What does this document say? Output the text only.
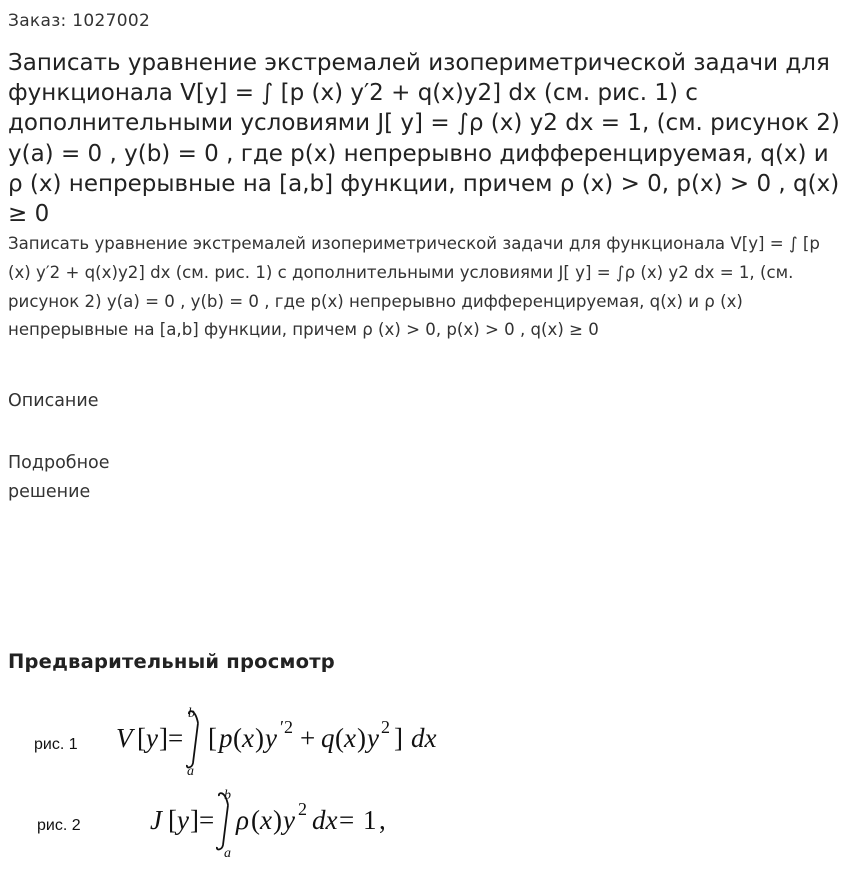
Заказ: 1027002
Записать уравнение экстремалей изопериметрической задачи для функционала V[y] = ∫ [p (x) y′2 + q(x)y2] dx (см. рис. 1) с дополнительными условиями J[ y] = ∫ρ (x) y2 dx = 1, (см. рисунок 2) y(a) = 0 , y(b) = 0 , где p(x) непрерывно дифференцируемая, q(x) и ρ (x) непрерывные на [a,b] функции, причем ρ (x) > 0, p(x) > 0 , q(x) ≥ 0

Записать уравнение экстремалей изопериметрической задачи для функционала V[y] = ∫ [p (x) y′2 + q(x)y2] dx (см. рис. 1) с дополнительными условиями J[ y] = ∫ρ (x) y2 dx = 1, (см. рисунок 2) y(a) = 0 , y(b) = 0 , где p(x) непрерывно дифференцируемая, q(x) и ρ (x) непрерывные на [a,b] функции, причем ρ (x) > 0, p(x) > 0 , q(x) ≥ 0

Описание
Подробное решение
Предварительный просмотр
рис. 1 V [ y ] =
b
a
[ p ( x ) y ′2 + q ( x ) y 2 ] dx
рис. 2	J [ y ] =
b
a
ρ ( x ) y 2 dx = 1 ,
